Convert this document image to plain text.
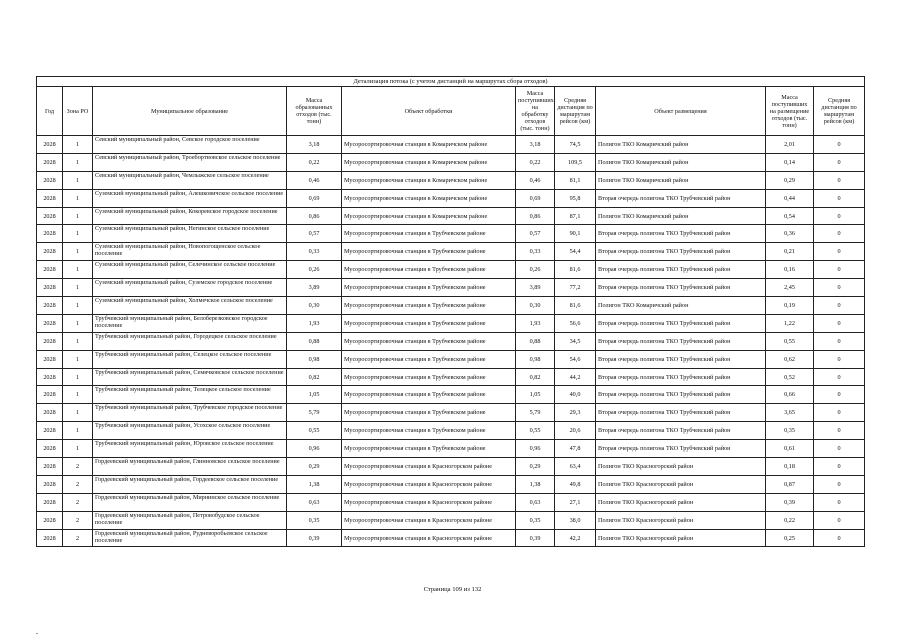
Детализация потока (с учетом дистанций на маршрутах сбора отходов)									
Год	Зона РО	Муниципальное образование	Масса образованных отходов (тыс. тонн)	Объект обработки	Масса поступивших на обработку отходов (тыс. тонн)	Средняя дистанция по маршрутам рейсов (км)	Объект размещения	Масса поступивших на размещение отходов (тыс. тонн)	Средняя дистанция по маршрутам рейсов (км)
2028	1	Севский муниципальный район, Севское городское поселение	3,18	Мусоросортировочная станция в Комаричском районе	3,18	74,5	Полигон ТКО Комаричский район	2,01	0
2028	1	Севский муниципальный район, Троебортновское сельское поселение	0,22	Мусоросортировочная станция в Комаричском районе	0,22	109,5	Полигон ТКО Комаричский район	0,14	0
2028	1	Севский муниципальный район, Чемлыжское сельское поселение	0,46	Мусоросортировочная станция в Комаричском районе	0,46	81,1	Полигон ТКО Комаричский район	0,29	0
2028	1	Суземский муниципальный район, Алешковичское сельское поселение	0,69	Мусоросортировочная станция в Комаричском районе	0,69	95,8	Вторая очередь полигона ТКО Трубчевский район	0,44	0
2028	1	Суземский муниципальный район, Кокоревское городское поселение	0,86	Мусоросортировочная станция в Комаричском районе	0,86	87,1	Полигон ТКО Комаричский район	0,54	0
2028	1	Суземский муниципальный район, Негинское сельское поселение	0,57	Мусоросортировочная станция в Трубчевском районе	0,57	90,1	Вторая очередь полигона ТКО Трубчевский район	0,36	0
2028	1	Суземский муниципальный район, Новопогощенское сельское поселение	0,33	Мусоросортировочная станция в Трубчевском районе	0,33	54,4	Вторая очередь полигона ТКО Трубчевский район	0,21	0
2028	1	Суземский муниципальный район, Селечинское сельское поселение	0,26	Мусоросортировочная станция в Трубчевском районе	0,26	81,6	Вторая очередь полигона ТКО Трубчевский район	0,16	0
2028	1	Суземский муниципальный район, Суземское городское поселение	3,89	Мусоросортировочная станция в Трубчевском районе	3,89	77,2	Вторая очередь полигона ТКО Трубчевский район	2,45	0
2028	1	Суземский муниципальный район, Холмечское сельское поселение	0,30	Мусоросортировочная станция в Трубчевском районе	0,30	81,6	Полигон ТКО Комаричский район	0,19	0
2028	1	Трубчевский муниципальный район, Белоберезковское городское поселение	1,93	Мусоросортировочная станция в Трубчевском районе	1,93	56,6	Вторая очередь полигона ТКО Трубчевский район	1,22	0
2028	1	Трубчевский муниципальный район, Городецкое сельское поселение	0,88	Мусоросортировочная станция в Трубчевском районе	0,88	34,5	Вторая очередь полигона ТКО Трубчевский район	0,55	0
2028	1	Трубчевский муниципальный район, Селецкое сельское поселение	0,98	Мусоросортировочная станция в Трубчевском районе	0,98	54,6	Вторая очередь полигона ТКО Трубчевский район	0,62	0
2028	1	Трубчевский муниципальный район, Семячковское сельское поселение	0,82	Мусоросортировочная станция в Трубчевском районе	0,82	44,2	Вторая очередь полигона ТКО Трубчевский район	0,52	0
2028	1	Трубчевский муниципальный район, Телецкое сельское поселение	1,05	Мусоросортировочная станция в Трубчевском районе	1,05	40,0	Вторая очередь полигона ТКО Трубчевский район	0,66	0
2028	1	Трубчевский муниципальный район, Трубчевское городское поселение	5,79	Мусоросортировочная станция в Трубчевском районе	5,79	29,3	Вторая очередь полигона ТКО Трубчевский район	3,65	0
2028	1	Трубчевский муниципальный район, Усохское сельское поселение	0,55	Мусоросортировочная станция в Трубчевском районе	0,55	20,6	Вторая очередь полигона ТКО Трубчевский район	0,35	0
2028	1	Трубчевский муниципальный район, Юровское сельское поселение	0,96	Мусоросортировочная станция в Трубчевском районе	0,96	47,8	Вторая очередь полигона ТКО Трубчевский район	0,61	0
2028	2	Гордеевский муниципальный район, Глинновское сельское поселение	0,29	Мусоросортировочная станция в Красногорском районе	0,29	63,4	Полигон ТКО Красногорский район	0,18	0
2028	2	Гордеевский муниципальный район, Гордеевское сельское поселение	1,38	Мусоросортировочная станция в Красногорском районе	1,38	49,8	Полигон ТКО Красногорский район	0,87	0
2028	2	Гордеевский муниципальный район, Мирнинское сельское поселение	0,63	Мусоросортировочная станция в Красногорском районе	0,63	27,1	Полигон ТКО Красногорский район	0,39	0
2028	2	Гордеевский муниципальный район, Петровобудское сельское поселение	0,35	Мусоросортировочная станция в Красногорском районе	0,35	38,0	Полигон ТКО Красногорский район	0,22	0
2028	2	Гордеевский муниципальный район, Рудневоробьевское сельское поселение	0,39	Мусоросортировочная станция в Красногорском районе	0,39	42,2	Полигон ТКО Красногорский район	0,25	0
Страница 109 из 132
